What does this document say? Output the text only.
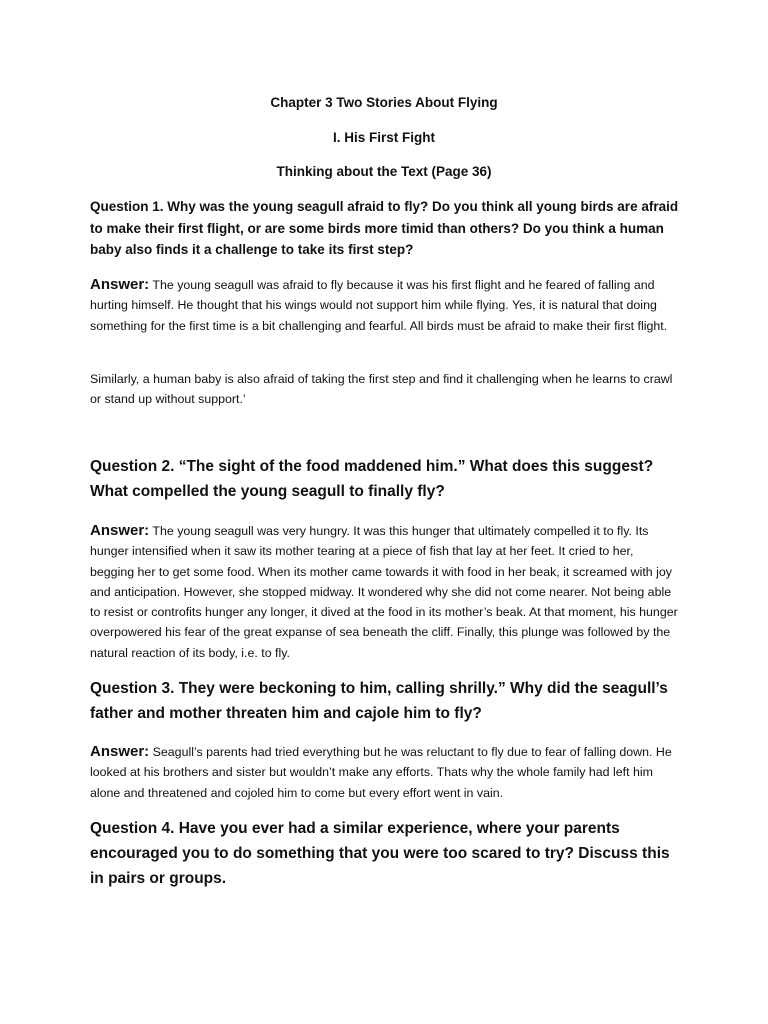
Chapter 3 Two Stories About Flying
I. His First Fight
Thinking about the Text (Page 36)
Question 1. Why was the young seagull afraid to fly? Do you think all young birds are afraid to make their first flight, or are some birds more timid than others? Do you think a human baby also finds it a challenge to take its first step?
Answer: The young seagull was afraid to fly because it was his first flight and he feared of falling and hurting himself. He thought that his wings would not support him while flying. Yes, it is natural that doing something for the first time is a bit challenging and fearful. All birds must be afraid to make their first flight.
Similarly, a human baby is also afraid of taking the first step and find it challenging when he learns to crawl or stand up without support.’
Question 2. “The sight of the food maddened him.” What does this suggest? What compelled the young seagull to finally fly?
Answer: The young seagull was very hungry. It was this hunger that ultimately compelled it to fly. Its hunger intensified when it saw its mother tearing at a piece of fish that lay at her feet. It cried to her, begging her to get some food. When its mother came towards it with food in her beak, it screamed with joy and anticipation. However, she stopped midway. It wondered why she did not come nearer. Not being able to resist or controfits hunger any longer, it dived at the food in its mother’s beak. At that moment, his hunger overpowered his fear of the great expanse of sea beneath the cliff. Finally, this plunge was followed by the natural reaction of its body, i.e. to fly.
Question 3. They were beckoning to him, calling shrilly.” Why did the seagull’s father and mother threaten him and cajole him to fly?
Answer: Seagull’s parents had tried everything but he was reluctant to fly due to fear of falling down. He looked at his brothers and sister but wouldn’t make any efforts. Thats why the whole family had left him alone and threatened and cojoled him to come but every effort went in vain.
Question 4. Have you ever had a similar experience, where your parents encouraged you to do something that you were too scared to try? Discuss this in pairs or groups.
